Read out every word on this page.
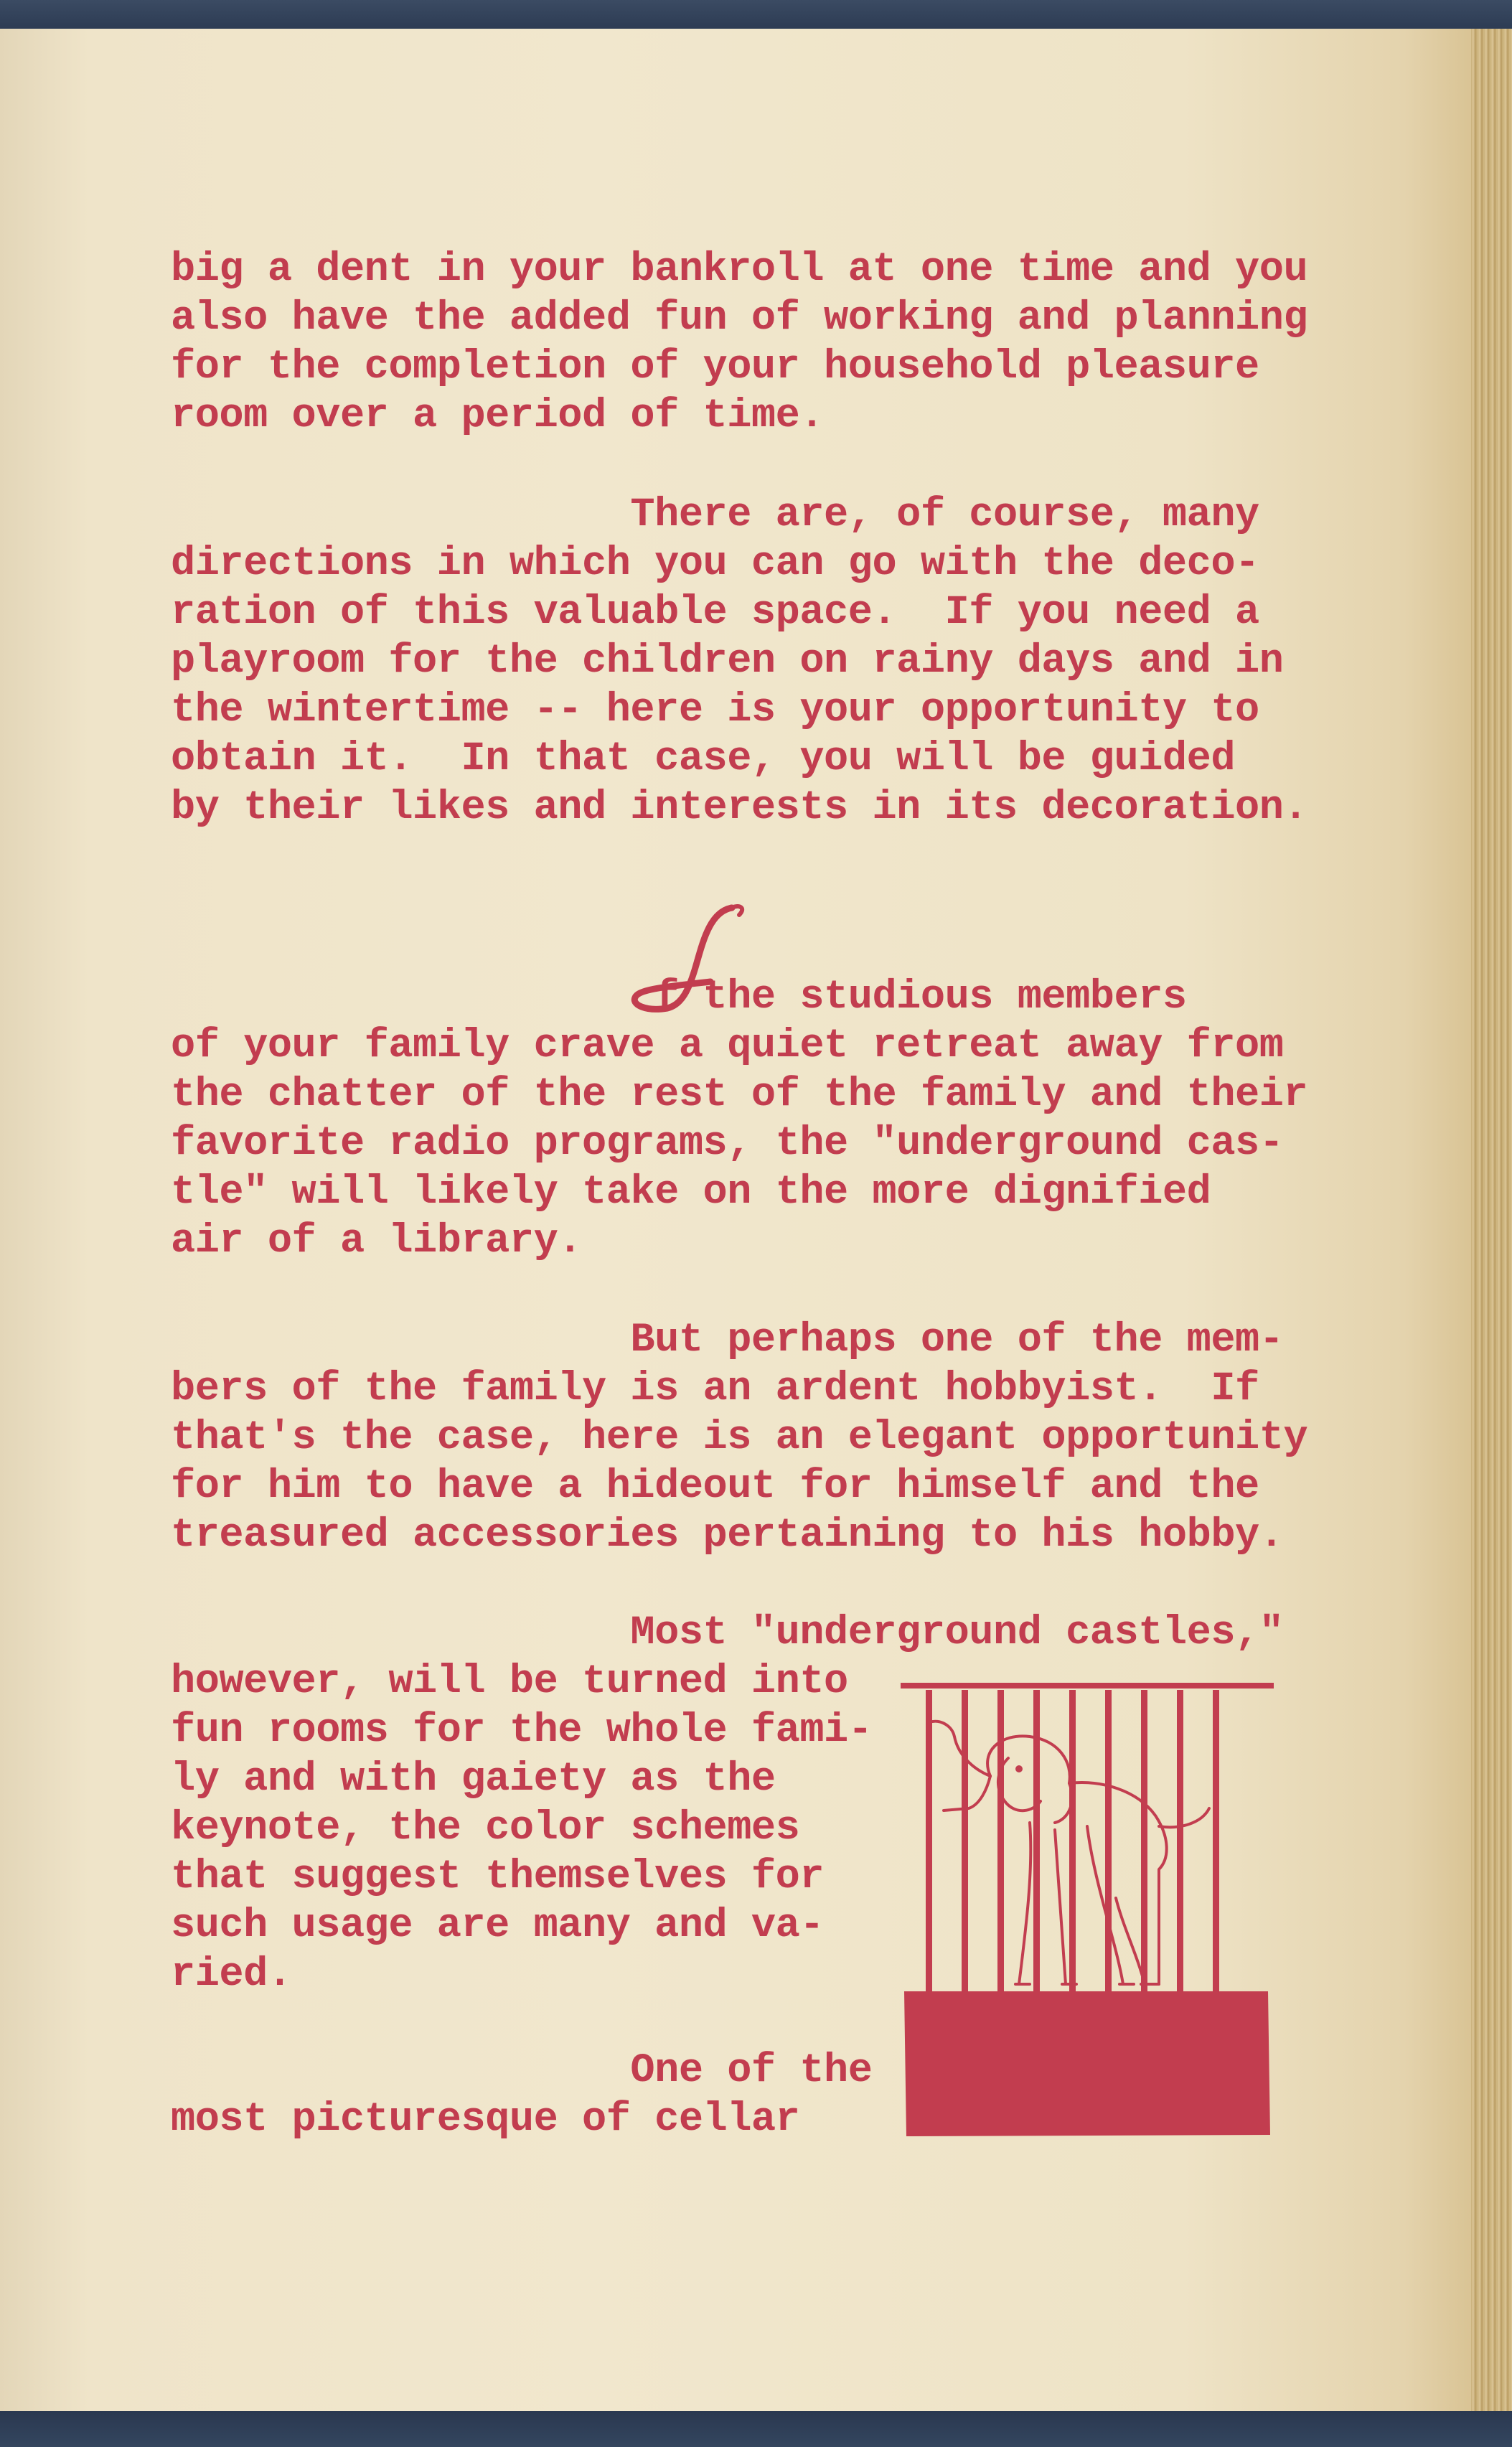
big a dent in your bankroll at one time and you
also have the added fun of working and planning
for the completion of your household pleasure
room over a period of time.

There are, of course, many
directions in which you can go with the deco-
ration of this valuable space.  If you need a
playroom for the children on rainy days and in
the wintertime -- here is your opportunity to
obtain it.  In that case, you will be guided
by their likes and interests in its decoration.

f the studious members
of your family crave a quiet retreat away from
the chatter of the rest of the family and their
favorite radio programs, the "underground cas-
tle" will likely take on the more dignified
air of a library.

But perhaps one of the mem-
bers of the family is an ardent hobbyist.  If
that's the case, here is an elegant opportunity
for him to have a hideout for himself and the
treasured accessories pertaining to his hobby.

Most "underground castles,"
however, will be turned into
fun rooms for the whole fami-
ly and with gaiety as the
keynote, the color schemes
that suggest themselves for
such usage are many and va-
ried.

One of the
most picturesque of cellar
